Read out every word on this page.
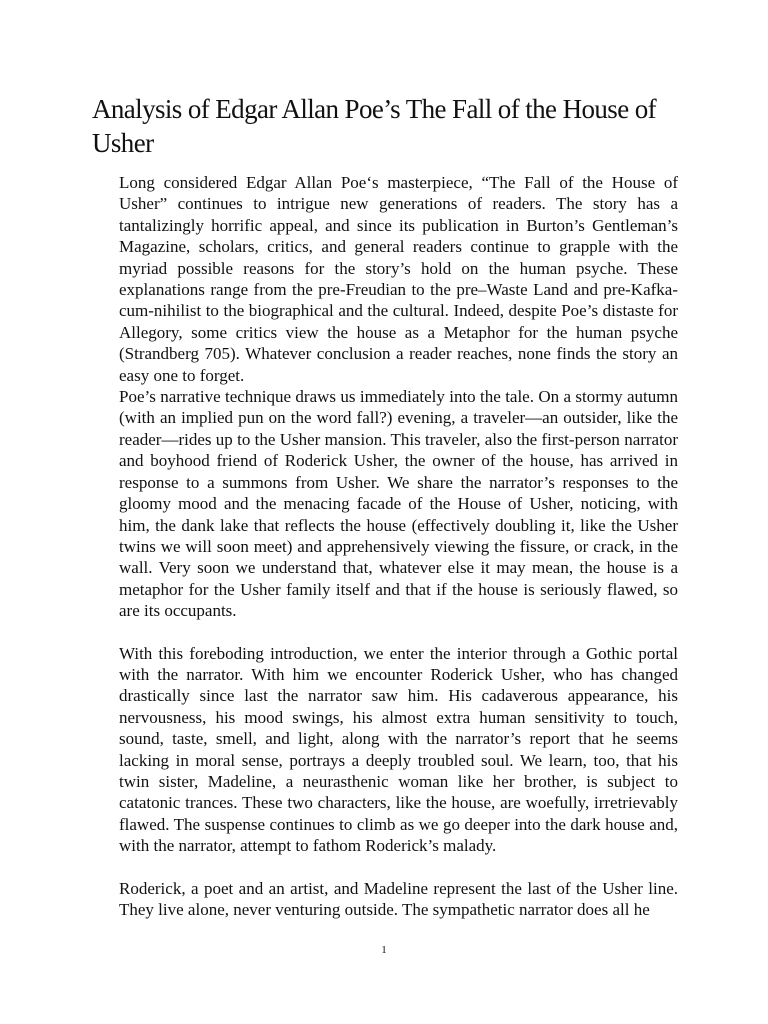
Analysis of Edgar Allan Poe’s The Fall of the House of Usher

Long considered Edgar Allan Poe‘s masterpiece, “The Fall of the House of Usher” continues to intrigue new generations of readers. The story has a tantalizingly horrific appeal, and since its publication in Burton’s Gentleman’s Magazine, scholars, critics, and general readers continue to grapple with the myriad possible reasons for the story’s hold on the human psyche. These explanations range from the pre-Freudian to the pre–Waste Land and pre-Kafka-cum-nihilist to the biographical and the cultural. Indeed, despite Poe’s distaste for Allegory, some critics view the house as a Metaphor for the human psyche (Strandberg 705). Whatever conclusion a reader reaches, none finds the story an easy one to forget.

Poe’s narrative technique draws us immediately into the tale. On a stormy autumn (with an implied pun on the word fall?) evening, a traveler—an outsider, like the reader—rides up to the Usher mansion. This traveler, also the first-person narrator and boyhood friend of Roderick Usher, the owner of the house, has arrived in response to a summons from Usher. We share the narrator’s responses to the gloomy mood and the menacing facade of the House of Usher, noticing, with him, the dank lake that reflects the house (effectively doubling it, like the Usher twins we will soon meet) and apprehensively viewing the fissure, or crack, in the wall. Very soon we understand that, whatever else it may mean, the house is a metaphor for the Usher family itself and that if the house is seriously flawed, so are its occupants.

With this foreboding introduction, we enter the interior through a Gothic portal with the narrator. With him we encounter Roderick Usher, who has changed drastically since last the narrator saw him. His cadaverous appearance, his nervousness, his mood swings, his almost extra human sensitivity to touch, sound, taste, smell, and light, along with the narrator’s report that he seems lacking in moral sense, portrays a deeply troubled soul. We learn, too, that his twin sister, Madeline, a neurasthenic woman like her brother, is subject to catatonic trances. These two characters, like the house, are woefully, irretrievably flawed. The suspense continues to climb as we go deeper into the dark house and, with the narrator, attempt to fathom Roderick’s malady.

Roderick, a poet and an artist, and Madeline represent the last of the Usher line. They live alone, never venturing outside. The sympathetic narrator does all he

1
